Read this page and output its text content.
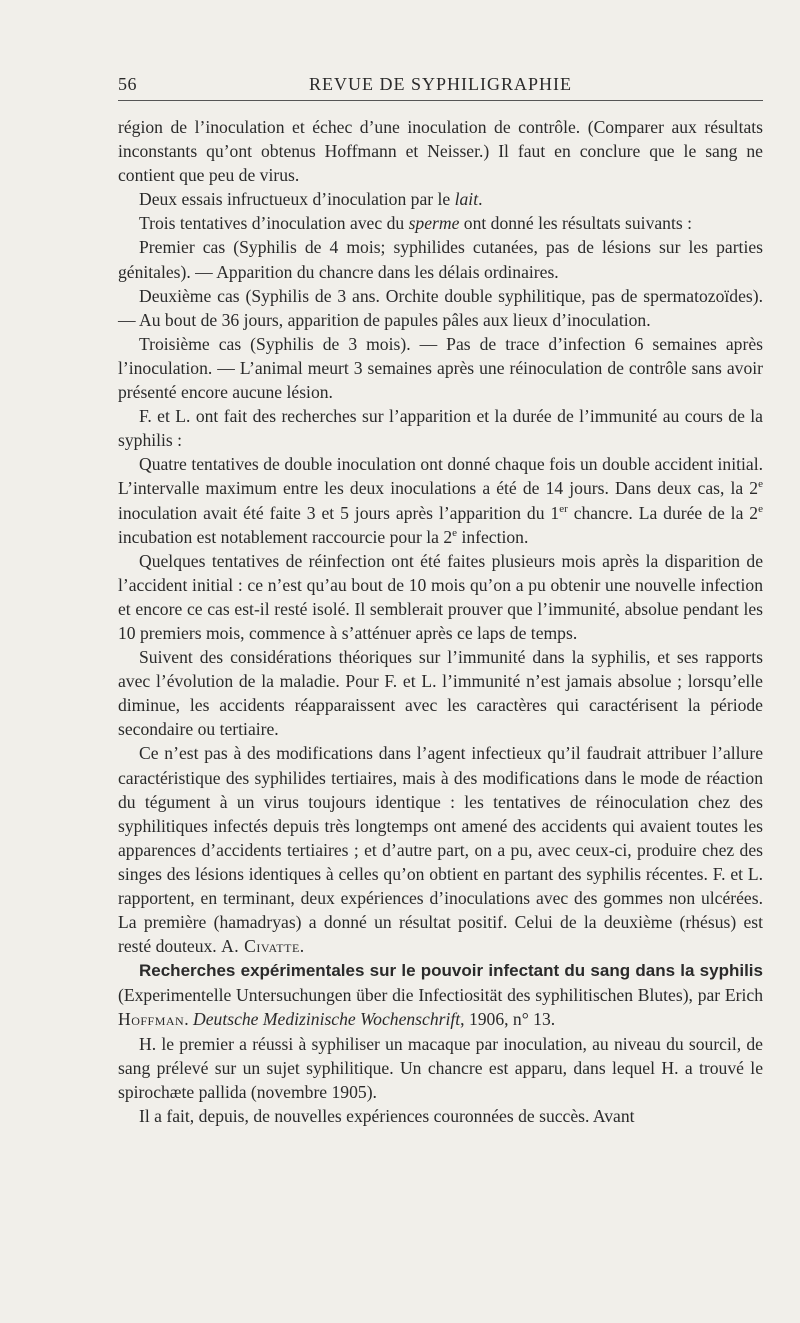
56	REVUE DE SYPHILIGRAPHIE

région de l’inoculation et échec d’une inoculation de contrôle. (Comparer aux résultats inconstants qu’ont obtenus Hoffmann et Neisser.) Il faut en conclure que le sang ne contient que peu de virus.

Deux essais infructueux d’inoculation par le lait.

Trois tentatives d’inoculation avec du sperme ont donné les résultats suivants :

Premier cas (Syphilis de 4 mois; syphilides cutanées, pas de lésions sur les parties génitales). — Apparition du chancre dans les délais ordinaires.

Deuxième cas (Syphilis de 3 ans. Orchite double syphilitique, pas de spermatozoïdes). — Au bout de 36 jours, apparition de papules pâles aux lieux d’inoculation.

Troisième cas (Syphilis de 3 mois). — Pas de trace d’infection 6 semaines après l’inoculation. — L’animal meurt 3 semaines après une réinoculation de contrôle sans avoir présenté encore aucune lésion.

F. et L. ont fait des recherches sur l’apparition et la durée de l’immunité au cours de la syphilis :

Quatre tentatives de double inoculation ont donné chaque fois un double accident initial. L’intervalle maximum entre les deux inoculations a été de 14 jours. Dans deux cas, la 2e inoculation avait été faite 3 et 5 jours après l’apparition du 1er chancre. La durée de la 2e incubation est notablement raccourcie pour la 2e infection.

Quelques tentatives de réinfection ont été faites plusieurs mois après la disparition de l’accident initial : ce n’est qu’au bout de 10 mois qu’on a pu obtenir une nouvelle infection et encore ce cas est-il resté isolé. Il semblerait prouver que l’immunité, absolue pendant les 10 premiers mois, commence à s’atténuer après ce laps de temps.

Suivent des considérations théoriques sur l’immunité dans la syphilis, et ses rapports avec l’évolution de la maladie. Pour F. et L. l’immunité n’est jamais absolue ; lorsqu’elle diminue, les accidents réapparaissent avec les caractères qui caractérisent la période secondaire ou tertiaire.

Ce n’est pas à des modifications dans l’agent infectieux qu’il faudrait attribuer l’allure caractéristique des syphilides tertiaires, mais à des modifications dans le mode de réaction du tégument à un virus toujours identique : les tentatives de réinoculation chez des syphilitiques infectés depuis très longtemps ont amené des accidents qui avaient toutes les apparences d’accidents tertiaires ; et d’autre part, on a pu, avec ceux-ci, produire chez des singes des lésions identiques à celles qu’on obtient en partant des syphilis récentes. F. et L. rapportent, en terminant, deux expériences d’inoculations avec des gommes non ulcérées. La première (hamadryas) a donné un résultat positif. Celui de la deuxième (rhésus) est resté douteux. A. Civatte.

Recherches expérimentales sur le pouvoir infectant du sang dans la syphilis (Experimentelle Untersuchungen über die Infectiosität des syphilitischen Blutes), par Erich Hoffman. Deutsche Medizinische Wochenschrift, 1906, n° 13.

H. le premier a réussi à syphiliser un macaque par inoculation, au niveau du sourcil, de sang prélevé sur un sujet syphilitique. Un chancre est apparu, dans lequel H. a trouvé le spirochæte pallida (novembre 1905).

Il a fait, depuis, de nouvelles expériences couronnées de succès. Avant
